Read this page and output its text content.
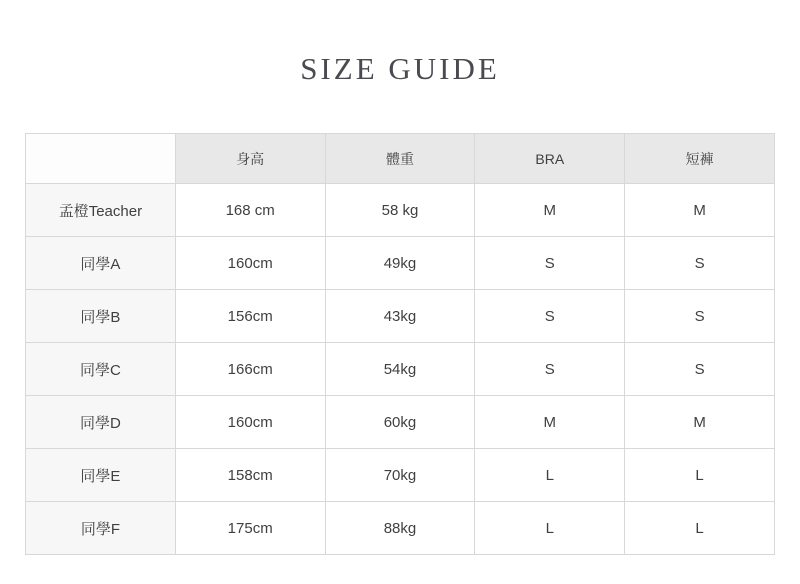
SIZE GUIDE
	身高	體重	BRA	短褲
孟橙Teacher	168 cm	58 kg	M	M
同學A	160cm	49kg	S	S
同學B	156cm	43kg	S	S
同學C	166cm	54kg	S	S
同學D	160cm	60kg	M	M
同學E	158cm	70kg	L	L
同學F	175cm	88kg	L	L
